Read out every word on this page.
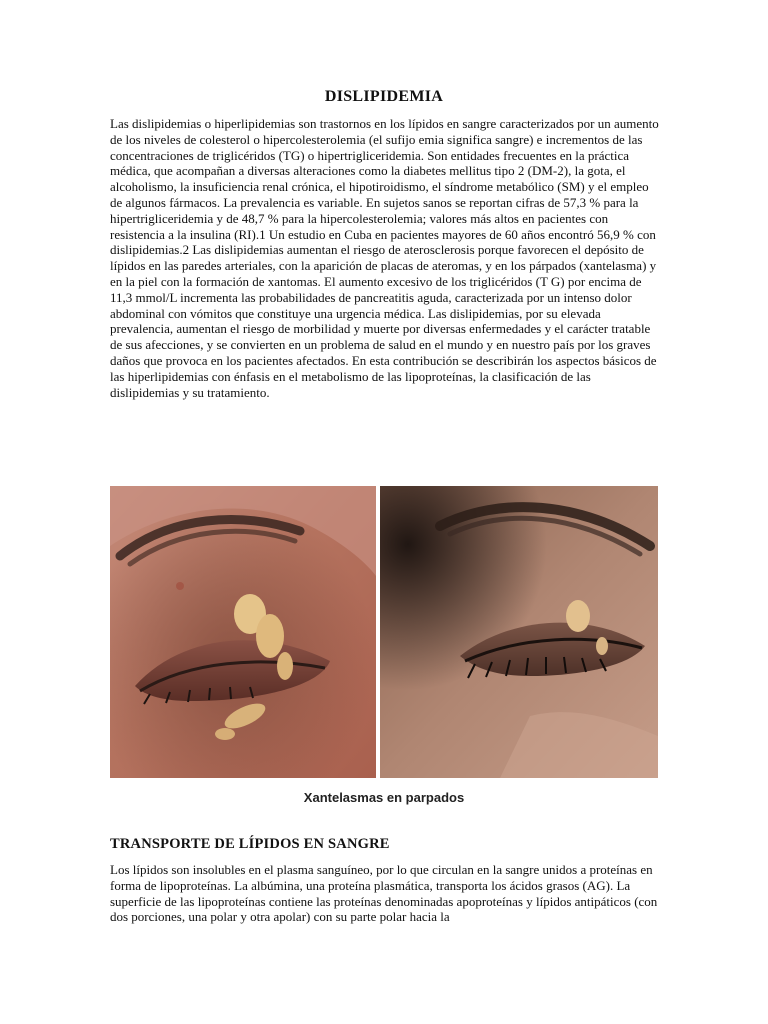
DISLIPIDEMIA
Las dislipidemias o hiperlipidemias son trastornos en los lípidos en sangre caracterizados por un aumento de los niveles de colesterol o hipercolesterolemia (el sufijo emia significa sangre) e incrementos de las concentraciones de triglicéridos (TG) o hipertrigliceridemia. Son entidades frecuentes en la práctica médica, que acompañan a diversas alteraciones como la diabetes mellitus tipo 2 (DM-2), la gota, el alcoholismo, la insuficiencia renal crónica, el hipotiroidismo, el síndrome metabólico (SM) y el empleo de algunos fármacos. La prevalencia es variable. En sujetos sanos se reportan cifras de 57,3 % para la hipertrigliceridemia y de 48,7 % para la hipercolesterolemia; valores más altos en pacientes con resistencia a la insulina (RI).1 Un estudio en Cuba en pacientes mayores de 60 años encontró 56,9 % con dislipidemias.2 Las dislipidemias aumentan el riesgo de aterosclerosis porque favorecen el depósito de lípidos en las paredes arteriales, con la aparición de placas de ateromas, y en los párpados (xantelasma) y en la piel con la formación de xantomas. El aumento excesivo de los triglicéridos (T G) por encima de 11,3 mmol/L incrementa las probabilidades de pancreatitis aguda, caracterizada por un intenso dolor abdominal con vómitos que constituye una urgencia médica. Las dislipidemias, por su elevada prevalencia, aumentan el riesgo de morbilidad y muerte por diversas enfermedades y el carácter tratable de sus afecciones, y se convierten en un problema de salud en el mundo y en nuestro país por los graves daños que provoca en los pacientes afectados. En esta contribución se describirán los aspectos básicos de las hiperlipidemias con énfasis en el metabolismo de las lipoproteínas, la clasificación de las dislipidemias y su tratamiento.
Xantelasmas en parpados
TRANSPORTE DE LÍPIDOS EN SANGRE
Los lípidos son insolubles en el plasma sanguíneo, por lo que circulan en la sangre unidos a proteínas en forma de lipoproteínas. La albúmina, una proteína plasmática, transporta los ácidos grasos (AG). La superficie de las lipoproteínas contiene las proteínas denominadas apoproteínas y lípidos antipáticos (con dos porciones, una polar y otra apolar) con su parte polar hacia la
